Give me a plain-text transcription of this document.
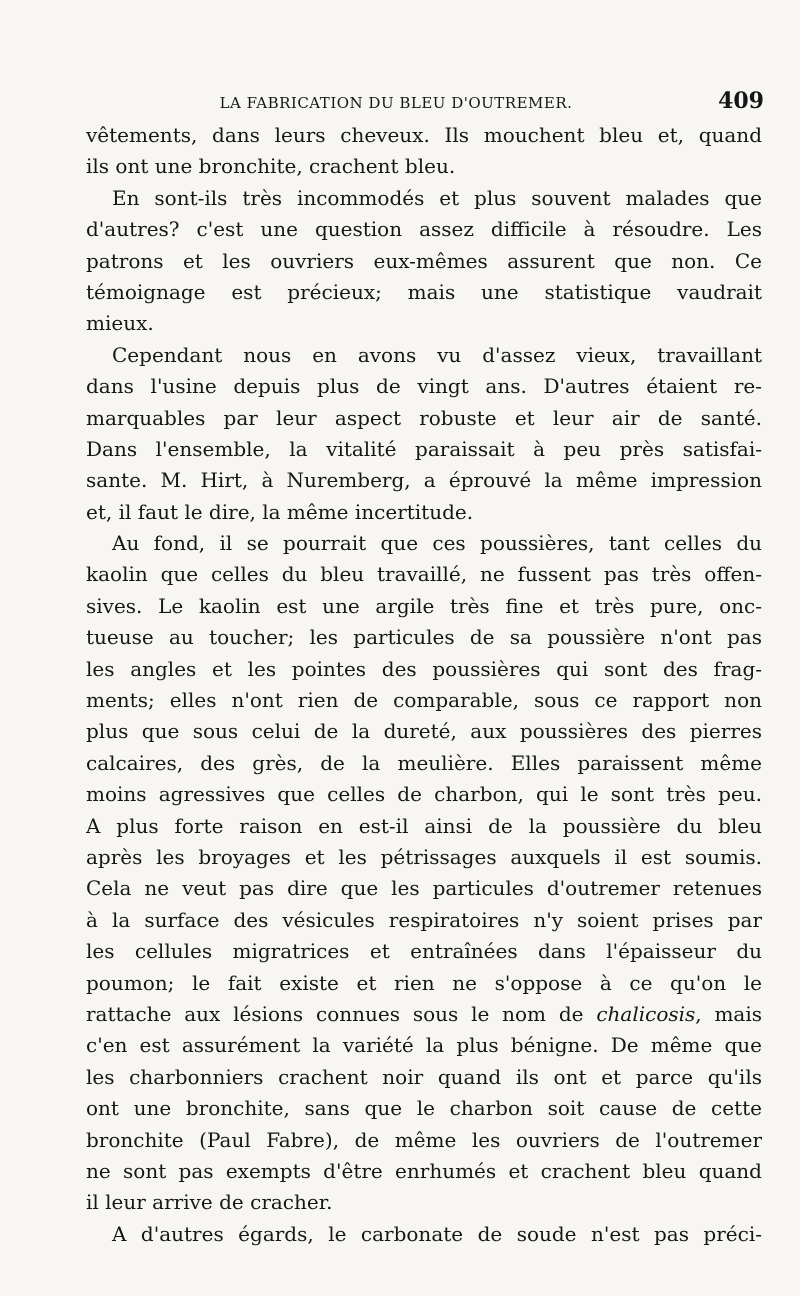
LA FABRICATION DU BLEU D'OUTREMER.	409
vêtements, dans leurs cheveux. Ils mouchent bleu et, quand
ils ont une bronchite, crachent bleu.
En sont-ils très incommodés et plus souvent malades que
d'autres? c'est une question assez difficile à résoudre. Les
patrons et les ouvriers eux-mêmes assurent que non. Ce
témoignage est précieux; mais une statistique vaudrait
mieux.
Cependant nous en avons vu d'assez vieux, travaillant
dans l'usine depuis plus de vingt ans. D'autres étaient re-
marquables par leur aspect robuste et leur air de santé.
Dans l'ensemble, la vitalité paraissait à peu près satisfai-
sante. M. Hirt, à Nuremberg, a éprouvé la même impression
et, il faut le dire, la même incertitude.
Au fond, il se pourrait que ces poussières, tant celles du
kaolin que celles du bleu travaillé, ne fussent pas très offen-
sives. Le kaolin est une argile très fine et très pure, onc-
tueuse au toucher; les particules de sa poussière n'ont pas
les angles et les pointes des poussières qui sont des frag-
ments; elles n'ont rien de comparable, sous ce rapport non
plus que sous celui de la dureté, aux poussières des pierres
calcaires, des grès, de la meulière. Elles paraissent même
moins agressives que celles de charbon, qui le sont très peu.
A plus forte raison en est-il ainsi de la poussière du bleu
après les broyages et les pétrissages auxquels il est soumis.
Cela ne veut pas dire que les particules d'outremer retenues
à la surface des vésicules respiratoires n'y soient prises par
les cellules migratrices et entraînées dans l'épaisseur du
poumon; le fait existe et rien ne s'oppose à ce qu'on le
rattache aux lésions connues sous le nom de chalicosis, mais
c'en est assurément la variété la plus bénigne. De même que
les charbonniers crachent noir quand ils ont et parce qu'ils
ont une bronchite, sans que le charbon soit cause de cette
bronchite (Paul Fabre), de même les ouvriers de l'outremer
ne sont pas exempts d'être enrhumés et crachent bleu quand
il leur arrive de cracher.
A d'autres égards, le carbonate de soude n'est pas préci-
